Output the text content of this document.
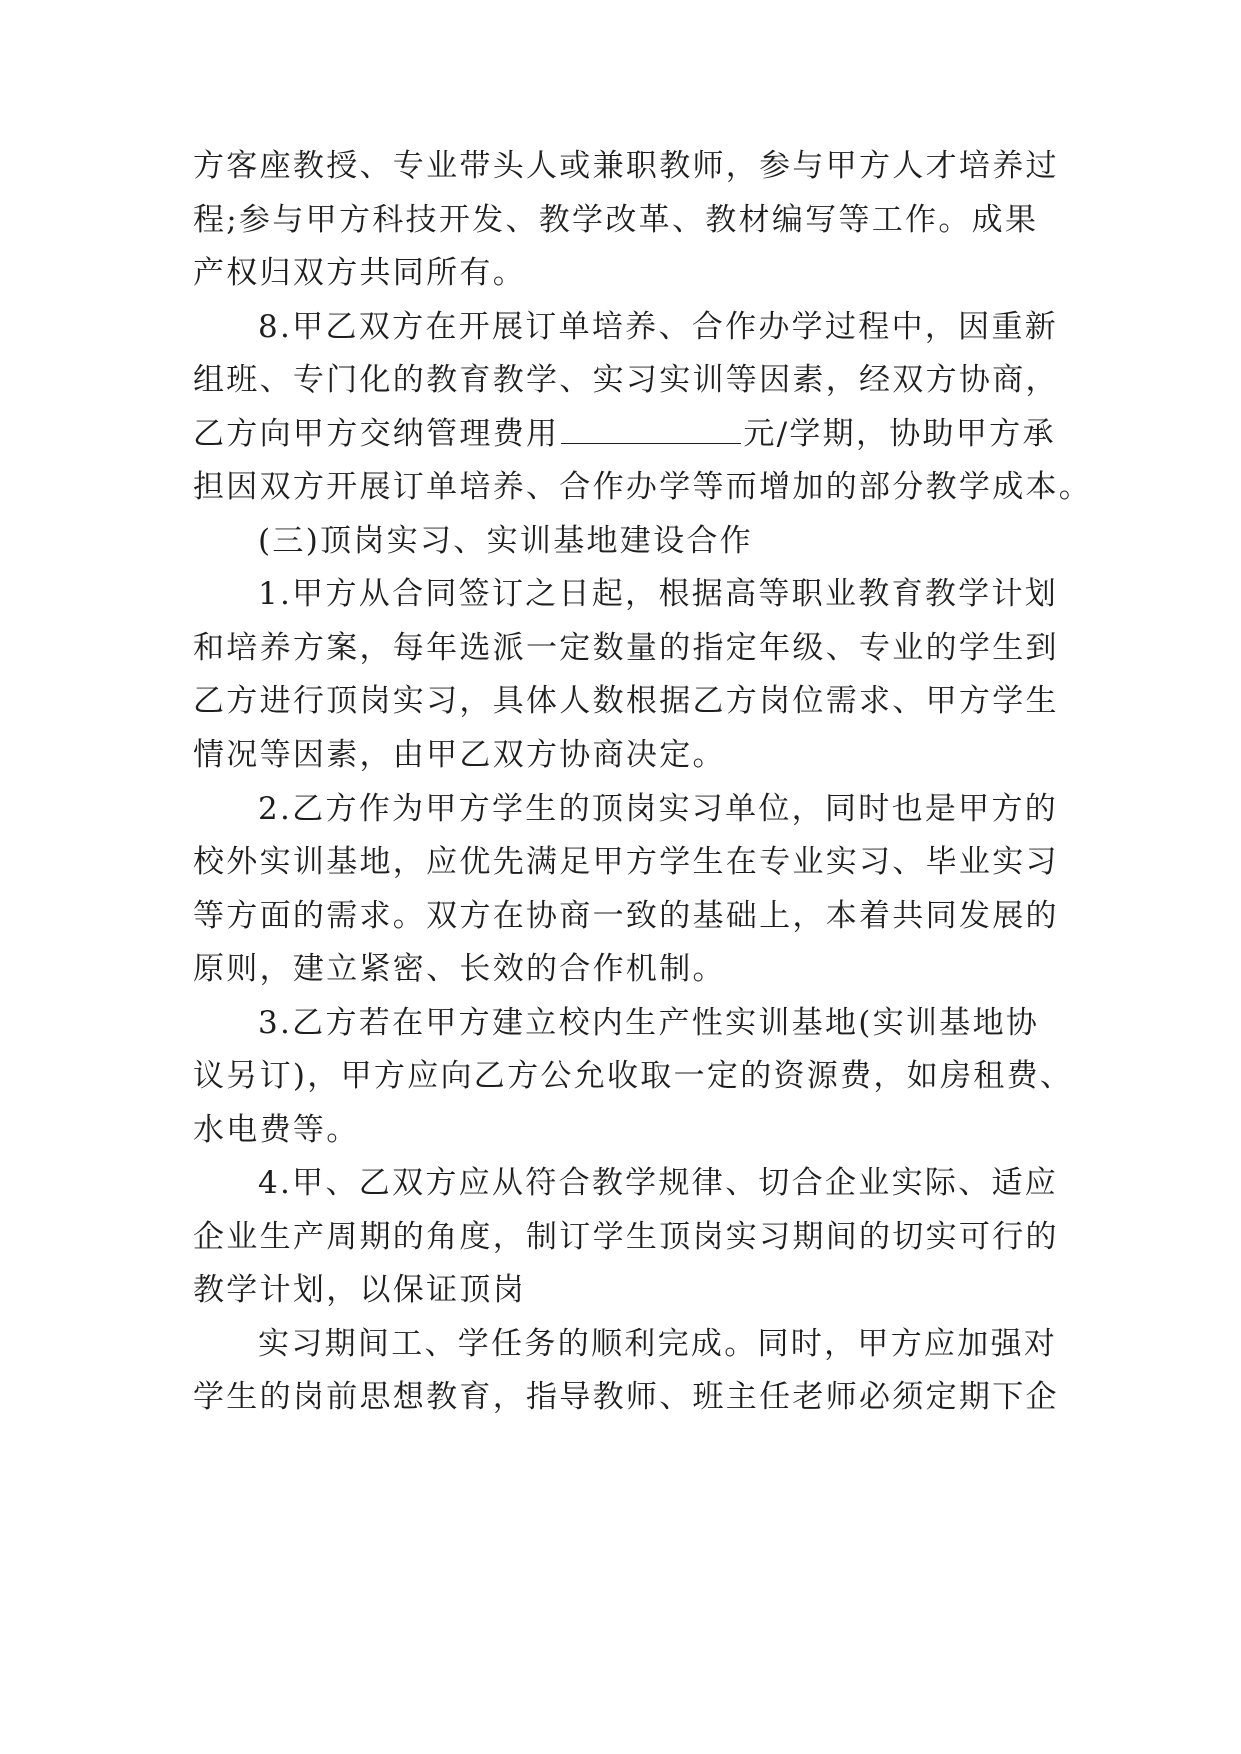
方客座教授、专业带头人或兼职教师，参与甲方人才培养过
程;参与甲方科技开发、教学改革、教材编写等工作。成果
产权归双方共同所有。
8.甲乙双方在开展订单培养、合作办学过程中，因重新
组班、专门化的教育教学、实习实训等因素，经双方协商，
乙方向甲方交纳管理费用	元/学期，协助甲方承
担因双方开展订单培养、合作办学等而增加的部分教学成本。
(三)顶岗实习、实训基地建设合作
1.甲方从合同签订之日起，根据高等职业教育教学计划
和培养方案，每年选派一定数量的指定年级、专业的学生到
乙方进行顶岗实习，具体人数根据乙方岗位需求、甲方学生
情况等因素，由甲乙双方协商决定。
2.乙方作为甲方学生的顶岗实习单位，同时也是甲方的
校外实训基地，应优先满足甲方学生在专业实习、毕业实习
等方面的需求。双方在协商一致的基础上，本着共同发展的
原则，建立紧密、长效的合作机制。
3.乙方若在甲方建立校内生产性实训基地(实训基地协
议另订)，甲方应向乙方公允收取一定的资源费，如房租费、
水电费等。
4.甲、乙双方应从符合教学规律、切合企业实际、适应
企业生产周期的角度，制订学生顶岗实习期间的切实可行的
教学计划，以保证顶岗
实习期间工、学任务的顺利完成。同时，甲方应加强对
学生的岗前思想教育，指导教师、班主任老师必须定期下企
